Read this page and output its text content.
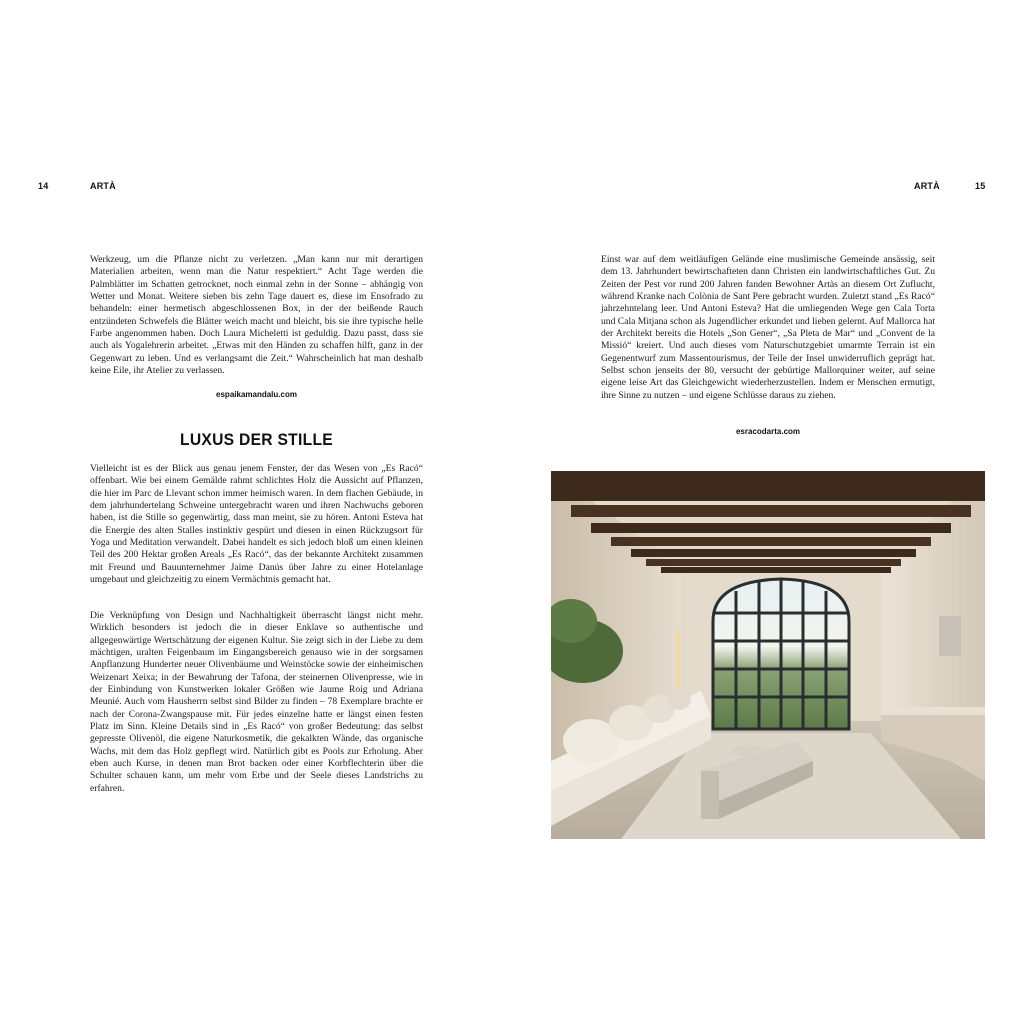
14	ARTÀ

Werkzeug, um die Pflanze nicht zu verletzen. „Man kann nur mit derartigen Materialien arbeiten, wenn man die Natur respektiert.“ Acht Tage werden die Palmblätter im Schatten getrocknet, noch einmal zehn in der Sonne – abhängig von Wetter und Monat. Weitere sieben bis zehn Tage dauert es, diese im Ensofrado zu behandeln: einer hermetisch abgeschlossenen Box, in der der beißende Rauch entzündeten Schwefels die Blätter weich macht und bleicht, bis sie ihre typische helle Farbe angenommen haben. Doch Laura Micheletti ist geduldig. Dazu passt, dass sie auch als Yogalehrerin arbeitet. „Etwas mit den Händen zu schaffen hilft, ganz in der Gegenwart zu leben. Und es verlangsamt die Zeit.“ Wahrscheinlich hat man deshalb keine Eile, ihr Atelier zu verlassen.

espaikamandalu.com
LUXUS DER STILLE

Vielleicht ist es der Blick aus genau jenem Fenster, der das Wesen von „Es Racó“ offenbart. Wie bei einem Gemälde rahmt schlichtes Holz die Aussicht auf Pflanzen, die hier im Parc de Llevant schon immer heimisch waren. In dem flachen Gebäude, in dem jahrhundertelang Schweine untergebracht waren und ihren Nachwuchs geboren haben, ist die Stille so gegenwärtig, dass man meint, sie zu hören. Antoni Esteva hat die Energie des alten Stalles instinktiv gespürt und diesen in einen Rückzugsort für Yoga und Meditation verwandelt. Dabei handelt es sich jedoch bloß um einen kleinen Teil des 200 Hektar großen Areals „Es Racó“, das der bekannte Architekt zusammen mit Freund und Bauunternehmer Jaime Danús über Jahre zu einer Hotelanlage umgebaut und gleichzeitig zu einem Vermächtnis gemacht hat.

Die Verknüpfung von Design und Nachhaltigkeit überrascht längst nicht mehr. Wirklich besonders ist jedoch die in dieser Enklave so authentische und allgegenwärtige Wertschätzung der eigenen Kultur. Sie zeigt sich in der Liebe zu dem mächtigen, uralten Feigenbaum im Eingangsbereich genauso wie in der sorgsamen Anpflanzung Hunderter neuer Olivenbäume und Weinstöcke sowie der einheimischen Weizenart Xeixa; in der Bewahrung der Tafona, der steinernen Olivenpresse, wie in der Einbindung von Kunstwerken lokaler Größen wie Jaume Roig und Adriana Meunié. Auch vom Hausherrn selbst sind Bilder zu finden – 78 Exemplare brachte er nach der Corona-Zwangspause mit. Für jedes einzelne hatte er längst einen festen Platz im Sinn. Kleine Details sind in „Es Racó“ von großer Bedeutung: das selbst gepresste Olivenöl, die eigene Naturkosmetik, die gekalkten Wände, das organische Wachs, mit dem das Holz gepflegt wird. Natürlich gibt es Pools zur Erholung. Aber eben auch Kurse, in denen man Brot backen oder einer Korbflechterin über die Schulter schauen kann, um mehr vom Erbe und der Seele dieses Landstrichs zu erfahren.

ARTÀ	15

Einst war auf dem weitläufigen Gelände eine muslimische Gemeinde ansässig, seit dem 13. Jahrhundert bewirtschafteten dann Christen ein landwirtschaftliches Gut. Zu Zeiten der Pest vor rund 200 Jahren fanden Bewohner Artàs an diesem Ort Zuflucht, während Kranke nach Colònia de Sant Pere gebracht wurden. Zuletzt stand „Es Racó“ jahrzehntelang leer. Und Antoni Esteva? Hat die umliegenden Wege gen Cala Torta und Cala Mitjana schon als Jugendlicher erkundet und lieben gelernt. Auf Mallorca hat der Architekt bereits die Hotels „Son Gener“, „Sa Pleta de Mar“ und „Convent de la Missió“ kreiert. Und auch dieses vom Naturschutzgebiet umarmte Terrain ist ein Gegenentwurf zum Massentourismus, der Teile der Insel unwiderruflich geprägt hat. Selbst schon jenseits der 80, versucht der gebürtige Mallorquiner weiter, auf seine eigene leise Art das Gleichgewicht wiederherzustellen. Indem er Menschen ermutigt, ihre Sinne zu nutzen – und eigene Schlüsse daraus zu ziehen.

esracodarta.com
